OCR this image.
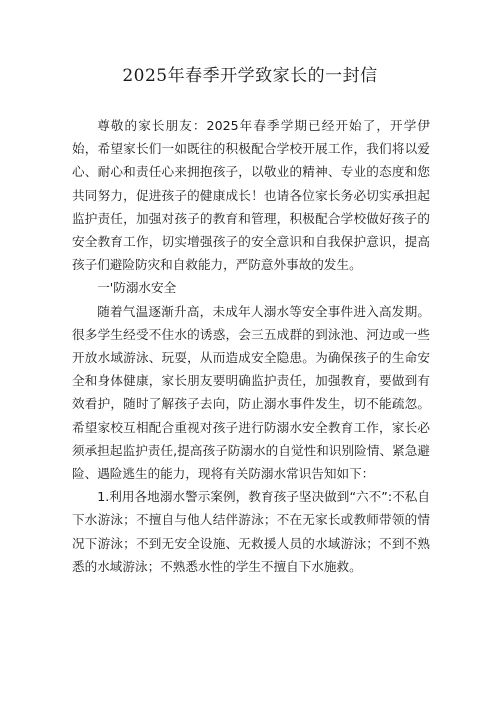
2025年春季开学致家长的一封信

尊敬的家长朋友：2025年春季学期已经开始了，开学伊始，希望家长们一如既往的积极配合学校开展工作，我们将以爱心、耐心和责任心来拥抱孩子，以敬业的精神、专业的态度和您共同努力，促进孩子的健康成长！也请各位家长务必切实承担起监护责任，加强对孩子的教育和管理，积极配合学校做好孩子的安全教育工作，切实增强孩子的安全意识和自我保护意识，提高孩子们避险防灾和自救能力，严防意外事故的发生。

一'防溺水安全

随着气温逐渐升高，未成年人溺水等安全事件进入高发期。很多学生经受不住水的诱惑，会三五成群的到泳池、河边或一些开放水域游泳、玩耍，从而造成安全隐患。为确保孩子的生命安全和身体健康，家长朋友要明确监护责任，加强教育，要做到有效看护，随时了解孩子去向，防止溺水事件发生，切不能疏忽。希望家校互相配合重视对孩子进行防溺水安全教育工作，家长必须承担起监护责任,提高孩子防溺水的自觉性和识别险情、紧急避险、遇险逃生的能力，现将有关防溺水常识告知如下：

1.利用各地溺水警示案例，教育孩子坚决做到“六不”:不私自下水游泳；不擅自与他人结伴游泳；不在无家长或教师带领的情况下游泳；不到无安全设施、无救援人员的水域游泳；不到不熟悉的水域游泳；不熟悉水性的学生不擅自下水施救。
